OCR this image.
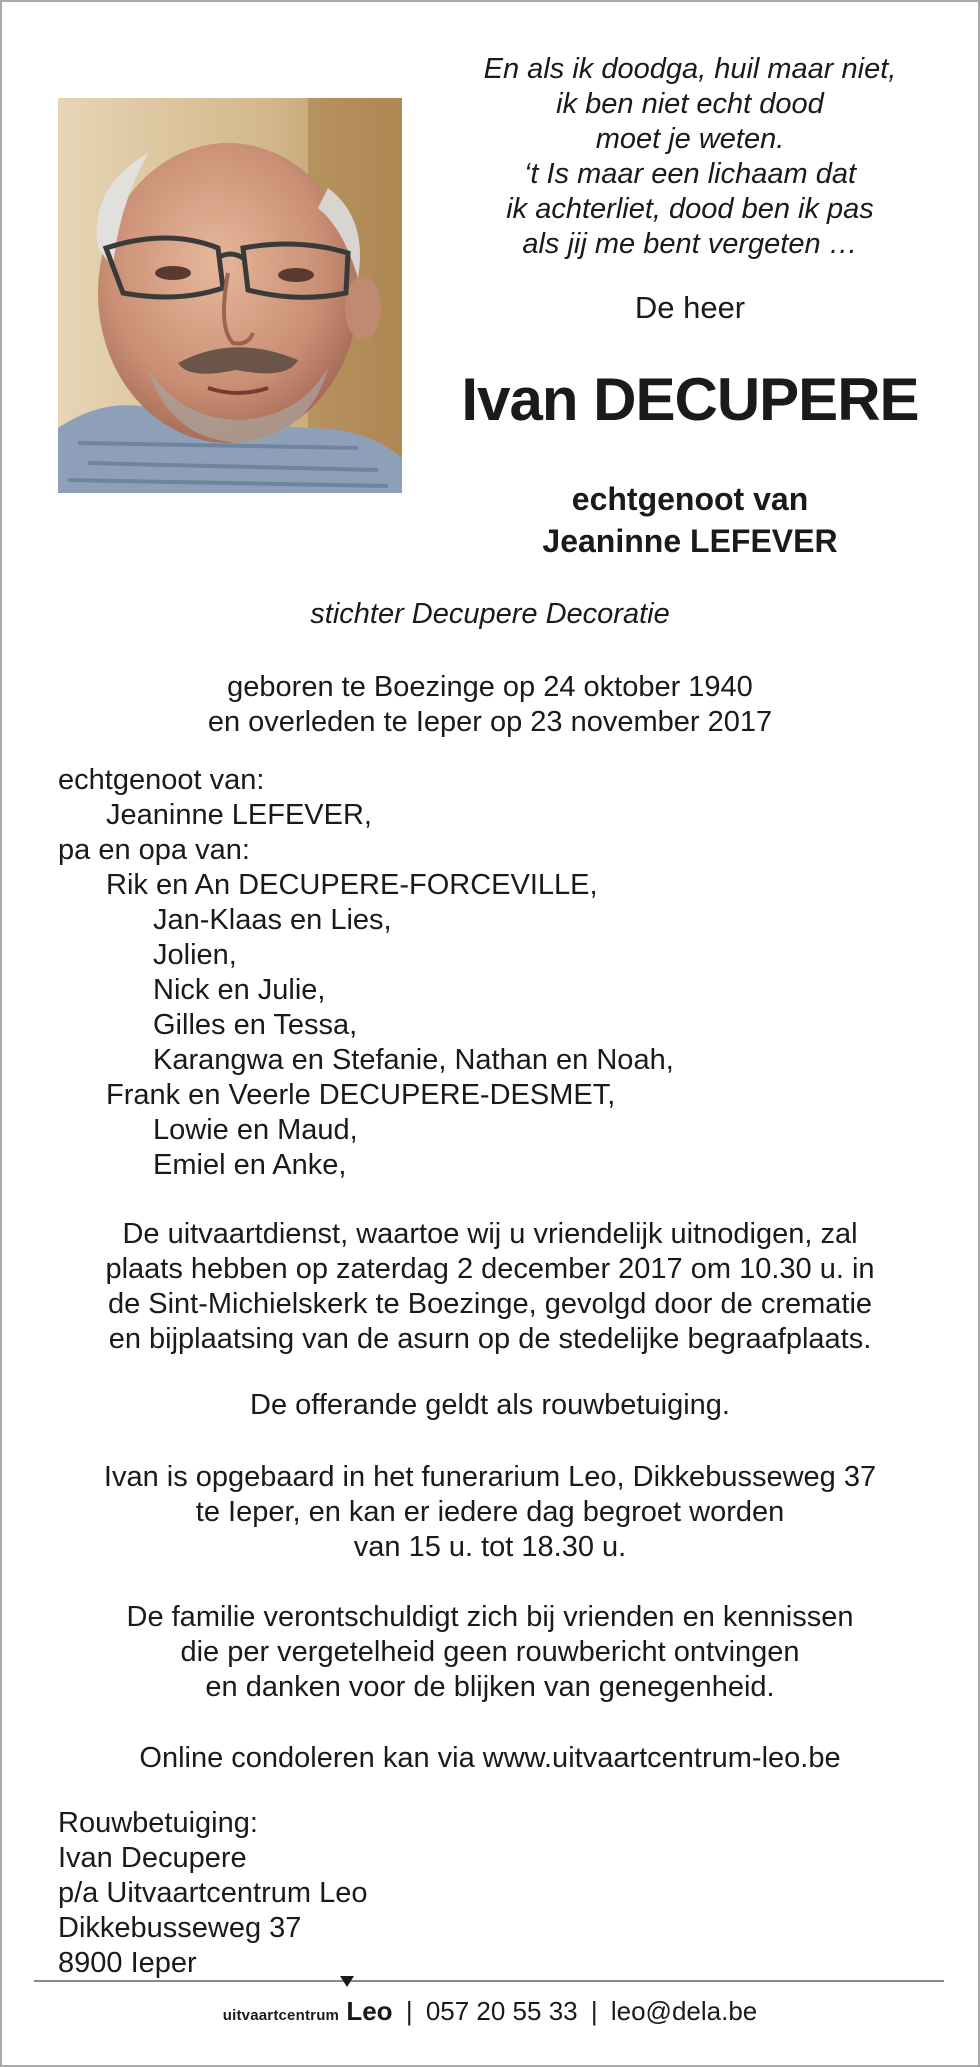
En als ik doodga, huil maar niet,
ik ben niet echt dood
moet je weten.
‘t Is maar een lichaam dat
ik achterliet, dood ben ik pas
als jij me bent vergeten …
De heer
Ivan DECUPERE
echtgenoot van
Jeaninne LEFEVER
stichter Decupere Decoratie
geboren te Boezinge op 24 oktober 1940
en overleden te Ieper op 23 november 2017
echtgenoot van:
Jeaninne LEFEVER,
pa en opa van:
Rik en An DECUPERE-FORCEVILLE,
Jan-Klaas en Lies,
Jolien,
Nick en Julie,
Gilles en Tessa,
Karangwa en Stefanie, Nathan en Noah,
Frank en Veerle DECUPERE-DESMET,
Lowie en Maud,
Emiel en Anke,
De uitvaartdienst, waartoe wij u vriendelijk uitnodigen, zal
plaats hebben op zaterdag 2 december 2017 om 10.30 u. in
de Sint-Michielskerk te Boezinge, gevolgd door de crematie
en bijplaatsing van de asurn op de stedelijke begraafplaats.
De offerande geldt als rouwbetuiging.
Ivan is opgebaard in het funerarium Leo, Dikkebusseweg 37
te Ieper, en kan er iedere dag begroet worden
van 15 u. tot 18.30 u.
De familie verontschuldigt zich bij vrienden en kennissen
die per vergetelheid geen rouwbericht ontvingen
en danken voor de blijken van genegenheid.
Online condoleren kan via www.uitvaartcentrum-leo.be
Rouwbetuiging:
Ivan Decupere
p/a Uitvaartcentrum Leo
Dikkebusseweg 37
8900 Ieper
uitvaartcentrum Leo | 057 20 55 33 | leo@dela.be
